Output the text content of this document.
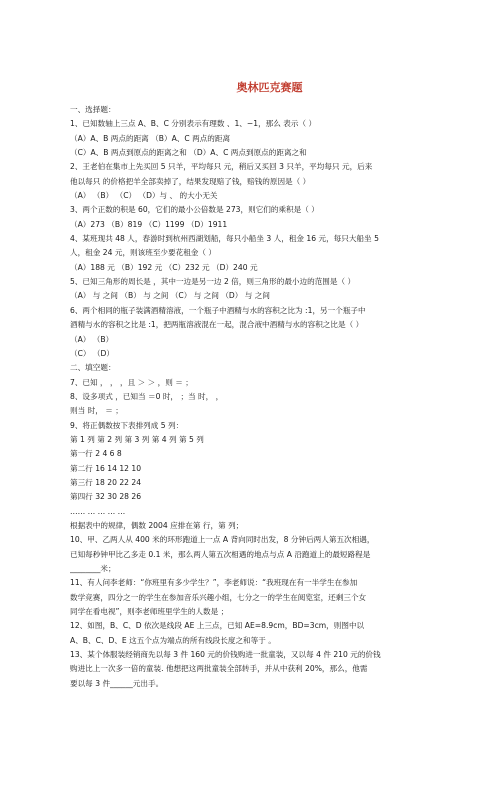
奥林匹克赛题
一、选择题：
1、已知数轴上三点 A、B、C 分别表示有理数 、1、−1，那么 表示（ ）
（A）A、B 两点的距离 （B）A、C 两点的距离
（C）A、B 两点到原点的距离之和 （D）A、C 两点到原点的距离之和
2、王老伯在集市上先买回 5 只羊，平均每只 元，稍后又买回 3 只羊，平均每只 元，后来
他以每只 的价格把羊全部卖掉了，结果发现赔了钱，赔钱的原因是（ ）
（A） （B） （C） （D）与 、 的大小无关
3、两个正数的积是 60，它们的最小公倍数是 273，则它们的乘积是（ ）
（A）273 （B）819 （C）1199 （D）1911
4、某班现共 48 人，春游时到杭州西湖划船，每只小船坐 3 人，租金 16 元，每只大船坐 5
人，租金 24 元，则该班至少要花租金（ ）
（A）188 元 （B）192 元 （C）232 元 （D）240 元
5、已知三角形的周长是 ，其中一边是另一边 2 倍，则三角形的最小边的范围是（ ）
（A） 与 之间 （B） 与 之间 （C） 与 之间 （D） 与 之间
6、两个相同的瓶子装满酒精溶液，一个瓶子中酒精与水的容积之比为 :1，另一个瓶子中
酒精与水的容积之比是 :1，把两瓶溶液混在一起，混合液中酒精与水的容积之比是（ ）
（A） （B）
（C） （D）
二、填空题：
7、已知 ， ， ，且 ＞ ＞ ，则 ＝ ；
8、设多项式 ，已知当 ＝0 时， ；当 时， ，
则当 时， ＝ ；
9、将正偶数按下表排列成 5 列：
第 1 列 第 2 列 第 3 列 第 4 列 第 5 列
第一行 2 4 6 8
第二行 16 14 12 10
第三行 18 20 22 24
第四行 32 30 28 26
…… … … … …
根据表中的规律，偶数 2004 应排在第 行，第 列；
10、甲、乙两人从 400 米的环形跑道上一点 A 背向同时出发，8 分钟后两人第五次相遇，
已知每秒钟甲比乙多走 0.1 米，那么两人第五次相遇的地点与点 A 沿跑道上的最短路程是
________米；
11、有人问李老师：“你班里有多少学生？”，李老师说：“我班现在有一半学生在参加
数学竞赛，四分之一的学生在参加音乐兴趣小组，七分之一的学生在阅览室，还剩三个女
同学在看电视”，则李老师班里学生的人数是 ；
12、如图，B、C、D 依次是线段 AE 上三点，已知 AE=8.9cm，BD=3cm，则图中以
A、B、C、D、E 这五个点为端点的所有线段长度之和等于 。
13、某个体服装经销商先以每 3 件 160 元的价钱购进一批童装，又以每 4 件 210 元的价钱
购进比上一次多一倍的童装. 他想把这两批童装全部转手，并从中获利 20%，那么，他需
要以每 3 件______元出手。
